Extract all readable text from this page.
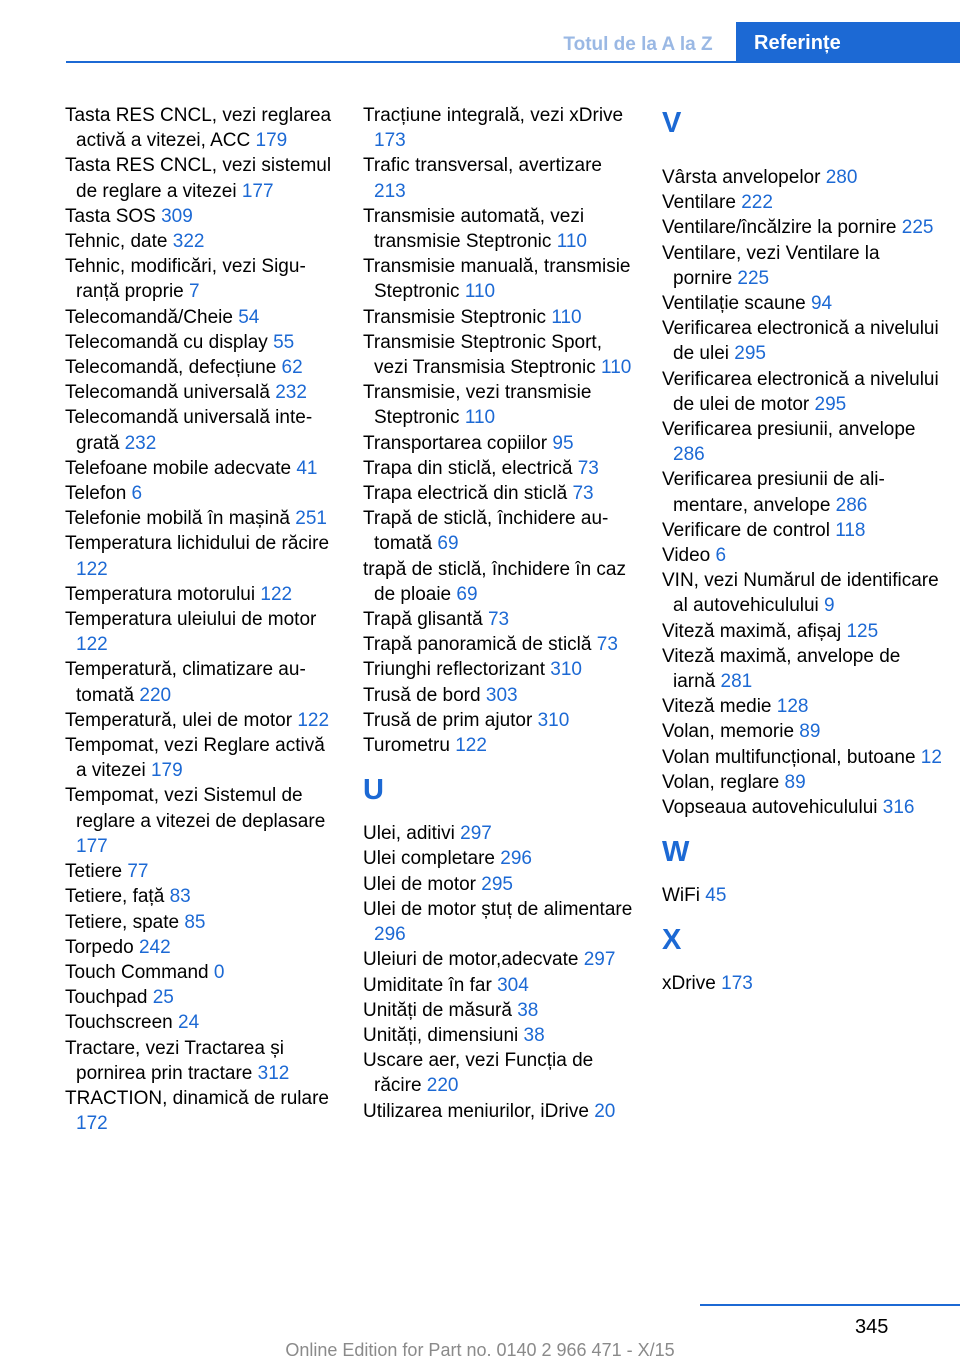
Totul de la A la Z	Referințe
Tasta RES CNCL, vezi reglarea activă a vitezei, ACC 179
Tasta RES CNCL, vezi sistemul de reglare a vitezei 177
Tasta SOS 309
Tehnic, date 322
Tehnic, modificări, vezi Siguranță proprie 7
Telecomandă/Cheie 54
Telecomandă cu display 55
Telecomandă, defecțiune 62
Telecomandă universală 232
Telecomandă universală integrată 232
Telefoane mobile adecvate 41
Telefon 6
Telefonie mobilă în mașină 251
Temperatura lichidului de răcire 122
Temperatura motorului 122
Temperatura uleiului de motor 122
Temperatură, climatizare automată 220
Temperatură, ulei de motor 122
Tempomat, vezi Reglare activă a vitezei 179
Tempomat, vezi Sistemul de reglare a vitezei de deplasare 177
Tetiere 77
Tetiere, față 83
Tetiere, spate 85
Torpedo 242
Touch Command 0
Touchpad 25
Touchscreen 24
Tractare, vezi Tractarea și pornirea prin tractare 312
TRACTION, dinamică de rulare 172
Tracțiune integrală, vezi xDrive 173
Trafic transversal, avertizare 213
Transmisie automată, vezi transmisie Steptronic 110
Transmisie manuală, transmisie Steptronic 110
Transmisie Steptronic 110
Transmisie Steptronic Sport, vezi Transmisia Steptronic 110
Transmisie, vezi transmisie Steptronic 110
Transportarea copiilor 95
Trapa din sticlă, electrică 73
Trapa electrică din sticlă 73
Trapă de sticlă, închidere automată 69
trapă de sticlă, închidere în caz de ploaie 69
Trapă glisantă 73
Trapă panoramică de sticlă 73
Triunghi reflectorizant 310
Trusă de bord 303
Trusă de prim ajutor 310
Turometru 122
U
Ulei, aditivi 297
Ulei completare 296
Ulei de motor 295
Ulei de motor ștuț de alimentare 296
Uleiuri de motor,adecvate 297
Umiditate în far 304
Unități de măsură 38
Unități, dimensiuni 38
Uscare aer, vezi Funcția de răcire 220
Utilizarea meniurilor, iDrive 20
V
Vârsta anvelopelor 280
Ventilare 222
Ventilare/încălzire la pornire 225
Ventilare, vezi Ventilare la pornire 225
Ventilație scaune 94
Verificarea electronică a nivelului de ulei 295
Verificarea electronică a nivelului de ulei de motor 295
Verificarea presiunii, anvelope 286
Verificarea presiunii de alimentare, anvelope 286
Verificare de control 118
Video 6
VIN, vezi Numărul de identificare al autovehiculului 9
Viteză maximă, afișaj 125
Viteză maximă, anvelope de iarnă 281
Viteză medie 128
Volan, memorie 89
Volan multifuncțional, butoane 12
Volan, reglare 89
Vopseaua autovehiculului 316
W
WiFi 45
X
xDrive 173
345
Online Edition for Part no. 0140 2 966 471 - X/15
